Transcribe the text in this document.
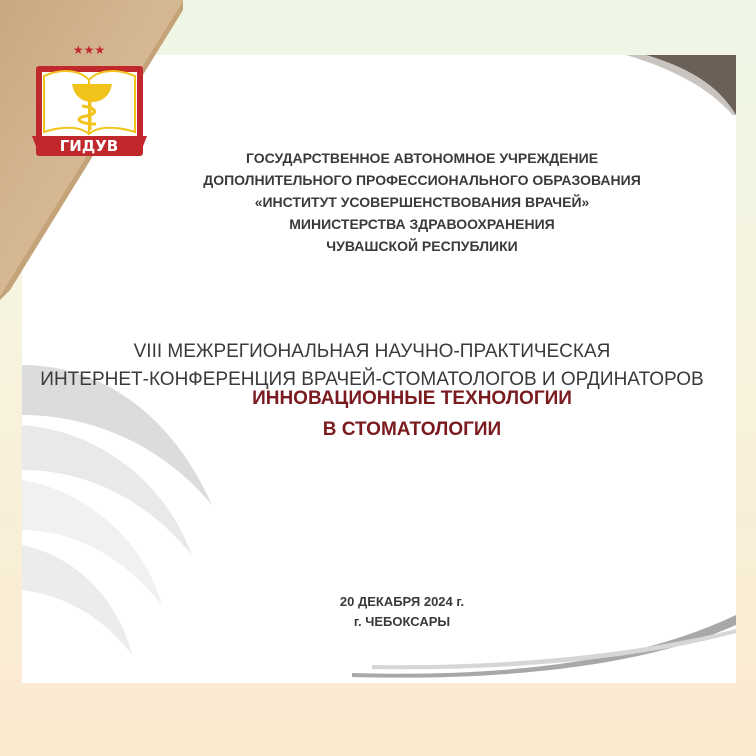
ГОСУДАРСТВЕННОЕ АВТОНОМНОЕ УЧРЕЖДЕНИЕ
ДОПОЛНИТЕЛЬНОГО ПРОФЕССИОНАЛЬНОГО ОБРАЗОВАНИЯ
«ИНСТИТУТ УСОВЕРШЕНСТВОВАНИЯ ВРАЧЕЙ»
МИНИСТЕРСТВА ЗДРАВООХРАНЕНИЯ
ЧУВАШСКОЙ РЕСПУБЛИКИ
VIII МЕЖРЕГИОНАЛЬНАЯ НАУЧНО-ПРАКТИЧЕСКАЯ
ИНТЕРНЕТ-КОНФЕРЕНЦИЯ ВРАЧЕЙ-СТОМАТОЛОГОВ И ОРДИНАТОРОВ
ИННОВАЦИОННЫЕ ТЕХНОЛОГИИ
В СТОМАТОЛОГИИ
20 ДЕКАБРЯ 2024 г.
г. ЧЕБОКСАРЫ
★★★
ГИДУВ
